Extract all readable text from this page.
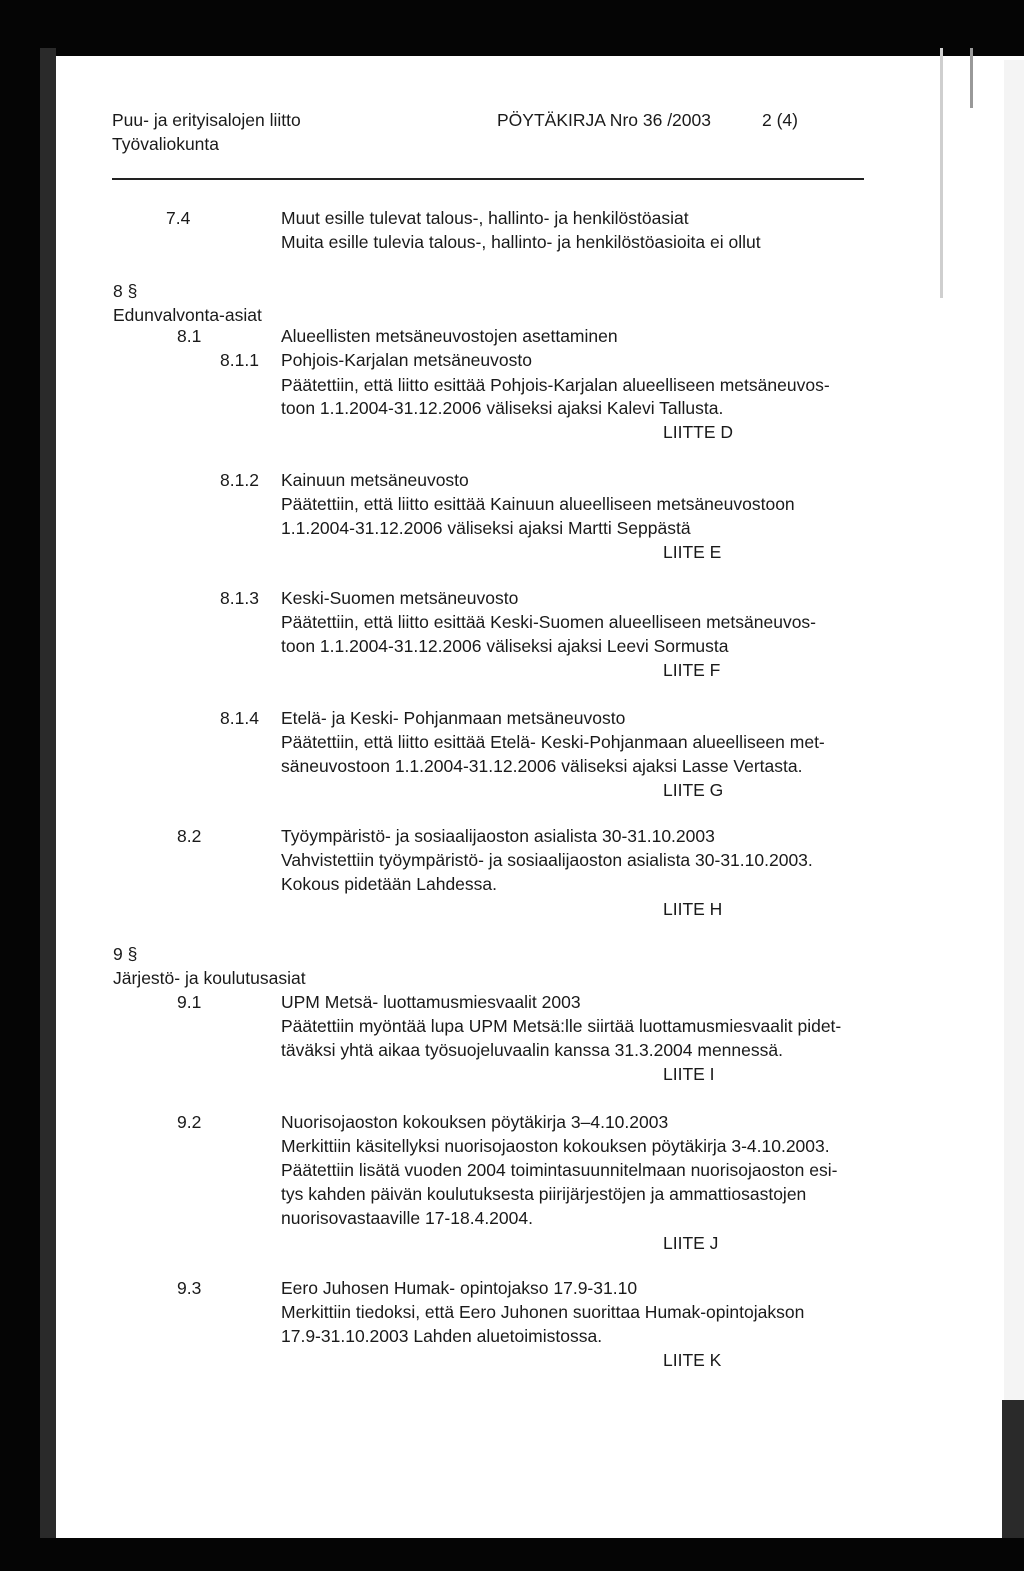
Puu- ja erityisalojen liitto
Työvaliokunta
PÖYTÄKIRJA Nro 36 /2003	2 (4)
7.4	Muut esille tulevat talous-, hallinto- ja henkilöstöasiat
Muita esille tulevia talous-, hallinto- ja henkilöstöasioita ei ollut
8 §
Edunvalvonta-asiat
8.1	Alueellisten metsäneuvostojen asettaminen
8.1.1 Pohjois-Karjalan metsäneuvosto
Päätettiin, että liitto esittää Pohjois-Karjalan alueelliseen metsäneuvos-
toon 1.1.2004-31.12.2006 väliseksi ajaksi Kalevi Tallusta.
LIITTE D
8.1.2 Kainuun metsäneuvosto
Päätettiin, että liitto esittää Kainuun alueelliseen metsäneuvostoon
1.1.2004-31.12.2006 väliseksi ajaksi Martti Seppästä
LIITE E
8.1.3 Keski-Suomen metsäneuvosto
Päätettiin, että liitto esittää Keski-Suomen alueelliseen metsäneuvos-
toon 1.1.2004-31.12.2006 väliseksi ajaksi Leevi Sormusta
LIITE F
8.1.4 Etelä- ja Keski- Pohjanmaan metsäneuvosto
Päätettiin, että liitto esittää Etelä- Keski-Pohjanmaan alueelliseen met-
säneuvostoon 1.1.2004-31.12.2006 väliseksi ajaksi Lasse Vertasta.
LIITE G
8.2	Työympäristö- ja sosiaalijaoston asialista 30-31.10.2003
Vahvistettiin työympäristö- ja sosiaalijaoston asialista 30-31.10.2003.
Kokous pidetään Lahdessa.
LIITE H
9 §
Järjestö- ja koulutusasiat
9.1	UPM Metsä- luottamusmiesvaalit 2003
Päätettiin myöntää lupa UPM Metsä:lle siirtää luottamusmiesvaalit pidet-
täväksi yhtä aikaa työsuojeluvaalin kanssa 31.3.2004 mennessä.
LIITE I
9.2	Nuorisojaoston kokouksen pöytäkirja 3–4.10.2003
Merkittiin käsitellyksi nuorisojaoston kokouksen pöytäkirja 3-4.10.2003.
Päätettiin lisätä vuoden 2004 toimintasuunnitelmaan nuorisojaoston esi-
tys kahden päivän koulutuksesta piirijärjestöjen ja ammattiosastojen
nuorisovastaaville 17-18.4.2004.
LIITE J
9.3	Eero Juhosen Humak- opintojakso 17.9-31.10
Merkittiin tiedoksi, että Eero Juhonen suorittaa Humak-opintojakson
17.9-31.10.2003 Lahden aluetoimistossa.
LIITE K
